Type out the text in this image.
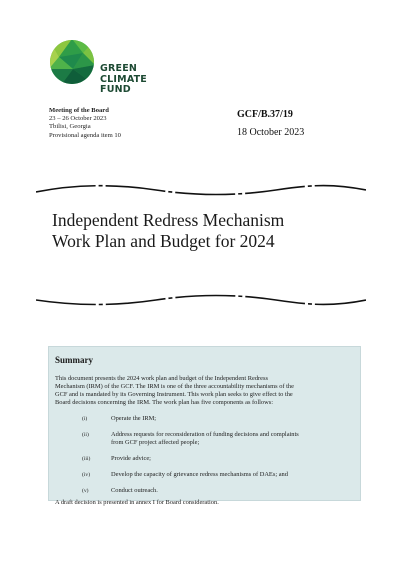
GREEN
CLIMATE
FUND
Meeting of the Board
23 – 26 October 2023
Tbilisi, Georgia
Provisional agenda item 10
GCF/B.37/19
18 October 2023
Independent Redress Mechanism
Work Plan and Budget for 2024
Summary
This document presents the 2024 work plan and budget of the Independent Redress
Mechanism (IRM) of the GCF. The IRM is one of the three accountability mechanisms of the
GCF and is mandated by its Governing Instrument. This work plan seeks to give effect to the
Board decisions concerning the IRM. The work plan has five components as follows:
(i)	Operate the IRM;
(ii)	Address requests for reconsideration of funding decisions and complaints
from GCF project affected people;
(iii)	Provide advice;
(iv)	Develop the capacity of grievance redress mechanisms of DAEs; and
(v)	Conduct outreach.
A draft decision is presented in annex I for Board consideration.
